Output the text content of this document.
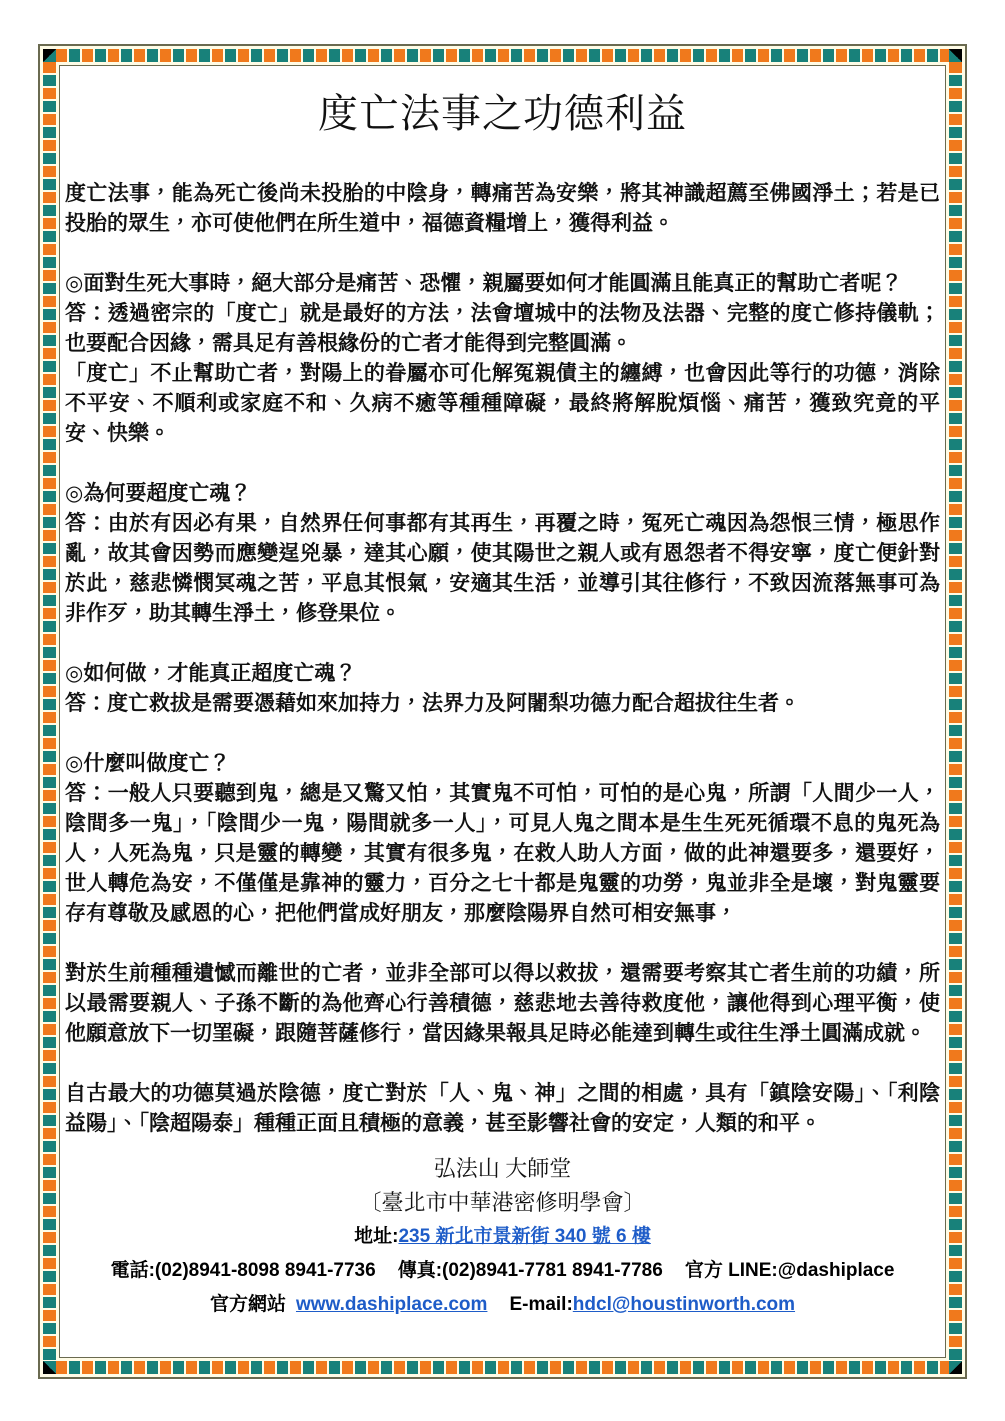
度亡法事之功德利益

度亡法事，能為死亡後尚未投胎的中陰身，轉痛苦為安樂，將其神識超薦至佛國淨土；若是已投胎的眾生，亦可使他們在所生道中，福德資糧增上，獲得利益。

◎面對生死大事時，絕大部分是痛苦、恐懼，親屬要如何才能圓滿且能真正的幫助亡者呢？

答：透過密宗的「度亡」就是最好的方法，法會壇城中的法物及法器、完整的度亡修持儀軌；也要配合因緣，需具足有善根緣份的亡者才能得到完整圓滿。

「度亡」不止幫助亡者，對陽上的眷屬亦可化解冤親債主的纏縛，也會因此等行的功德，消除不平安、不順利或家庭不和、久病不癒等種種障礙，最終將解脫煩惱、痛苦，獲致究竟的平安、快樂。

◎為何要超度亡魂？

答：由於有因必有果，自然界任何事都有其再生，再覆之時，冤死亡魂因為怨恨三情，極思作亂，故其會因勢而應變逞兇暴，達其心願，使其陽世之親人或有恩怨者不得安寧，度亡便針對於此，慈悲憐憫冥魂之苦，平息其恨氣，安適其生活，並導引其往修行，不致因流落無事可為非作歹，助其轉生淨土，修登果位。

◎如何做，才能真正超度亡魂？

答：度亡救拔是需要憑藉如來加持力，法界力及阿闍梨功德力配合超拔往生者。

◎什麼叫做度亡？

答：一般人只要聽到鬼，總是又驚又怕，其實鬼不可怕，可怕的是心鬼，所謂「人間少一人，陰間多一鬼」，「陰間少一鬼，陽間就多一人」，可見人鬼之間本是生生死死循環不息的鬼死為人，人死為鬼，只是靈的轉變，其實有很多鬼，在救人助人方面，做的此神還要多，還要好，世人轉危為安，不僅僅是靠神的靈力，百分之七十都是鬼靈的功勞，鬼並非全是壞，對鬼靈要存有尊敬及感恩的心，把他們當成好朋友，那麼陰陽界自然可相安無事，

對於生前種種遺憾而離世的亡者，並非全部可以得以救拔，還需要考察其亡者生前的功績，所以最需要親人、子孫不斷的為他齊心行善積德，慈悲地去善待救度他，讓他得到心理平衡，使他願意放下一切罣礙，跟隨菩薩修行，當因緣果報具足時必能達到轉生或往生淨土圓滿成就。

自古最大的功德莫過於陰德，度亡對於「人、鬼、神」之間的相處，具有「鎮陰安陽」、「利陰益陽」、「陰超陽泰」種種正面且積極的意義，甚至影響社會的安定，人類的和平。

弘法山 大師堂
〔臺北市中華港密修明學會〕
地址:235 新北市景新街 340 號 6 樓
電話:(02)8941-8098 8941-7736 傳真:(02)8941-7781 8941-7786 官方 LINE:@dashiplace
官方網站 www.dashiplace.com E-mail:hdcl@houstinworth.com
